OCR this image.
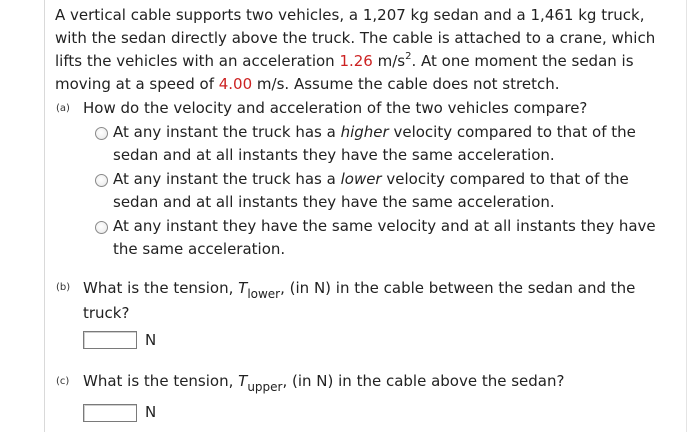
A vertical cable supports two vehicles, a 1,207 kg sedan and a 1,461 kg truck, with the sedan directly above the truck. The cable is attached to a crane, which lifts the vehicles with an acceleration 1.26 $m/s^2$. At one moment the sedan is moving at a speed of 4.00 m/s. Assume the cable does not stretch.
(a) How do the velocity and acceleration of the two vehicles compare?
At any instant the truck has a higher velocity compared to that of the sedan and at all instants they have the same acceleration.
At any instant the truck has a lower velocity compared to that of the sedan and at all instants they have the same acceleration.
At any instant they have the same velocity and at all instants they have the same acceleration.
(b) What is the tension, $T_{lower}$, (in N) in the cable between the sedan and the truck?
N
(c) What is the tension, $T_{upper}$, (in N) in the cable above the sedan?
N
